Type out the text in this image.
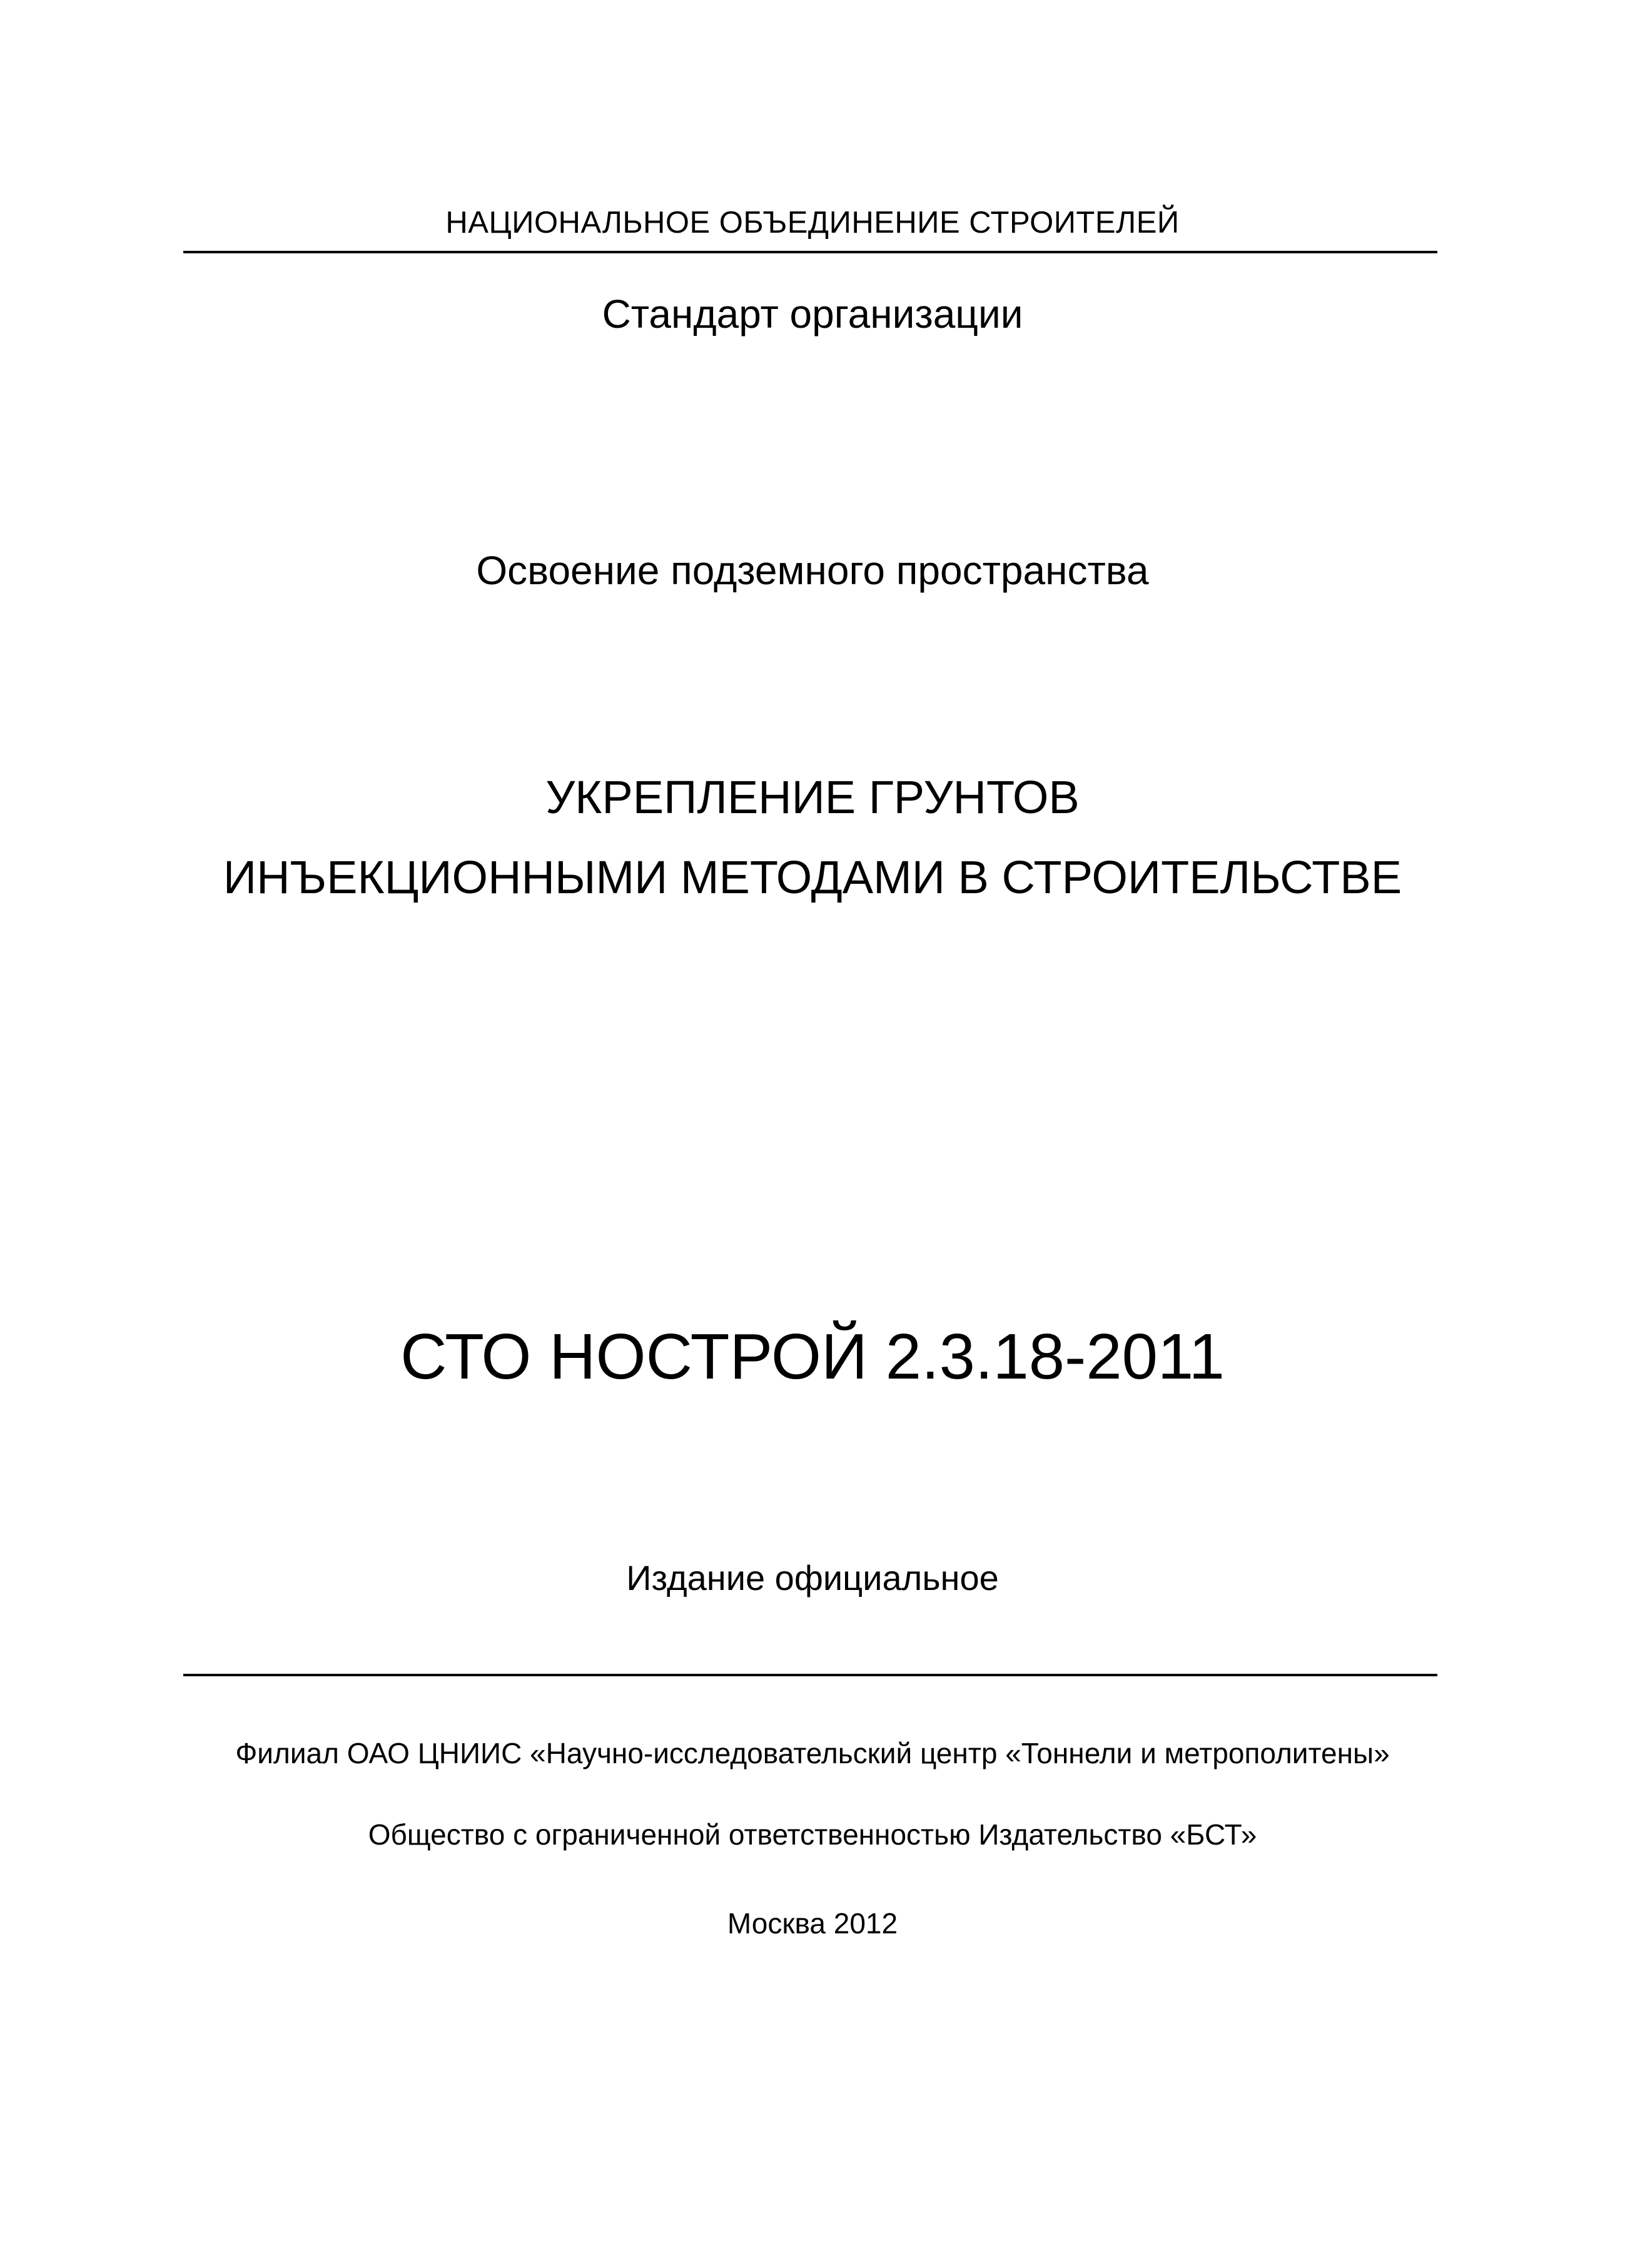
НАЦИОНАЛЬНОЕ ОБЪЕДИНЕНИЕ СТРОИТЕЛЕЙ
Стандарт организации
Освоение подземного пространства
УКРЕПЛЕНИЕ ГРУНТОВ
ИНЪЕКЦИОННЫМИ МЕТОДАМИ В СТРОИТЕЛЬСТВЕ
СТО НОСТРОЙ 2.3.18-2011
Издание официальное
Филиал ОАО ЦНИИС «Научно-исследовательский центр «Тоннели и метрополитены»
Общество с ограниченной ответственностью Издательство «БСТ»
Москва 2012
